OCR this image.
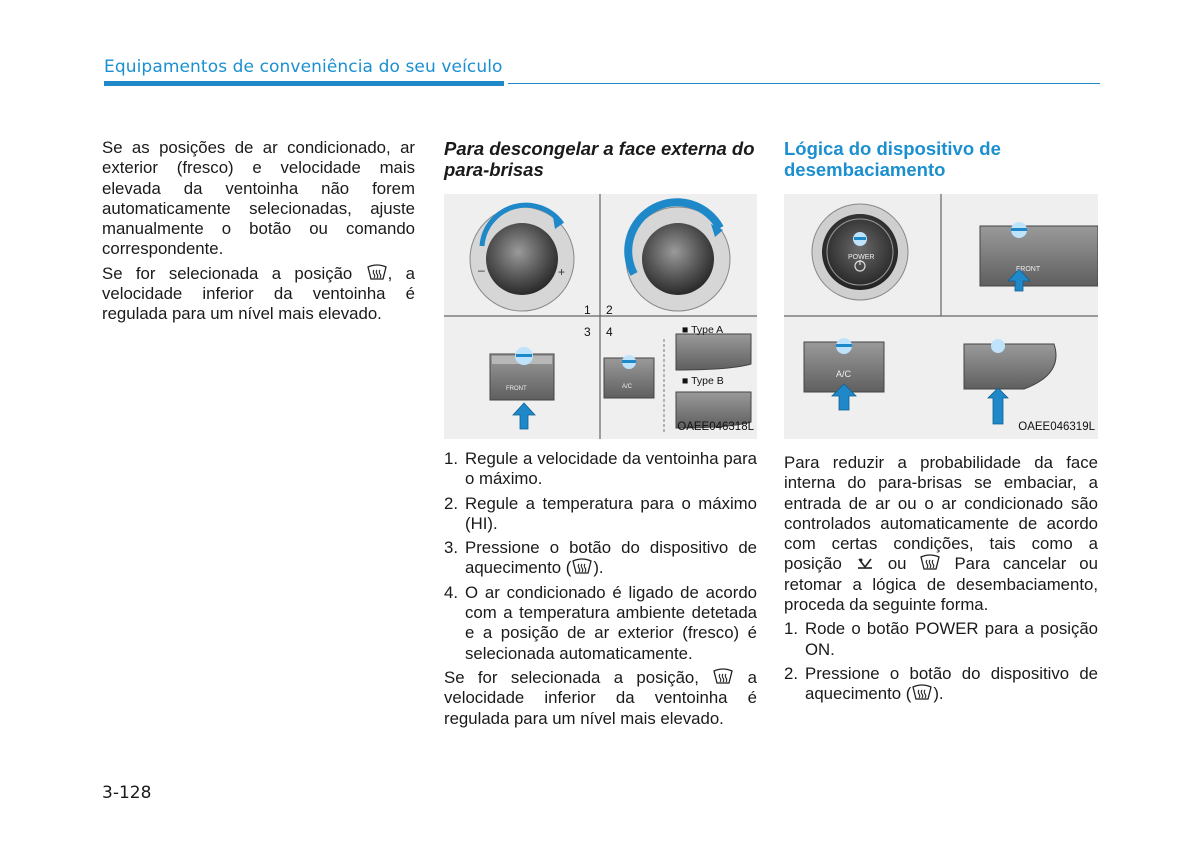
Equipamentos de conveniência do seu veículo

Se as posições de ar condicionado, ar exterior (fresco) e velocidade mais elevada da ventoinha não forem automaticamente selecionadas, ajuste manualmente o botão ou comando correspondente.

Se for selecionada a posição , a velocidade inferior da ventoinha é regulada para um nível mais elevado.

Para descongelar a face externa do para-brisas
–	+
1 2
3 4	■ Type A
■ Type B
FRONT	A/C
OAEE046318L
1. Regule a velocidade da ventoinha para o máximo.
2. Regule a temperatura para o máximo (HI).
3. Pressione o botão do dispositivo de aquecimento ( ).
4. O ar condicionado é ligado de acordo com a temperatura ambiente detetada e a posição de ar exterior (fresco) é selecionada automaticamente.

Se for selecionada a posição,	a velocidade inferior da ventoinha é regulada para um nível mais elevado.

Lógica do dispositivo de desembaciamento
POWER
FRONT
A/C
OAEE046319L

Para reduzir a probabilidade da face interna do para-brisas se embaciar, a entrada de ar ou o ar condicionado são controlados automaticamente de acordo com certas condições, tais como a posição	ou	Para cancelar ou retomar a lógica de desembaciamento, proceda da seguinte forma.

1. Rode o botão POWER para a posição ON.
2. Pressione o botão do dispositivo de aquecimento ( ).
3-128
